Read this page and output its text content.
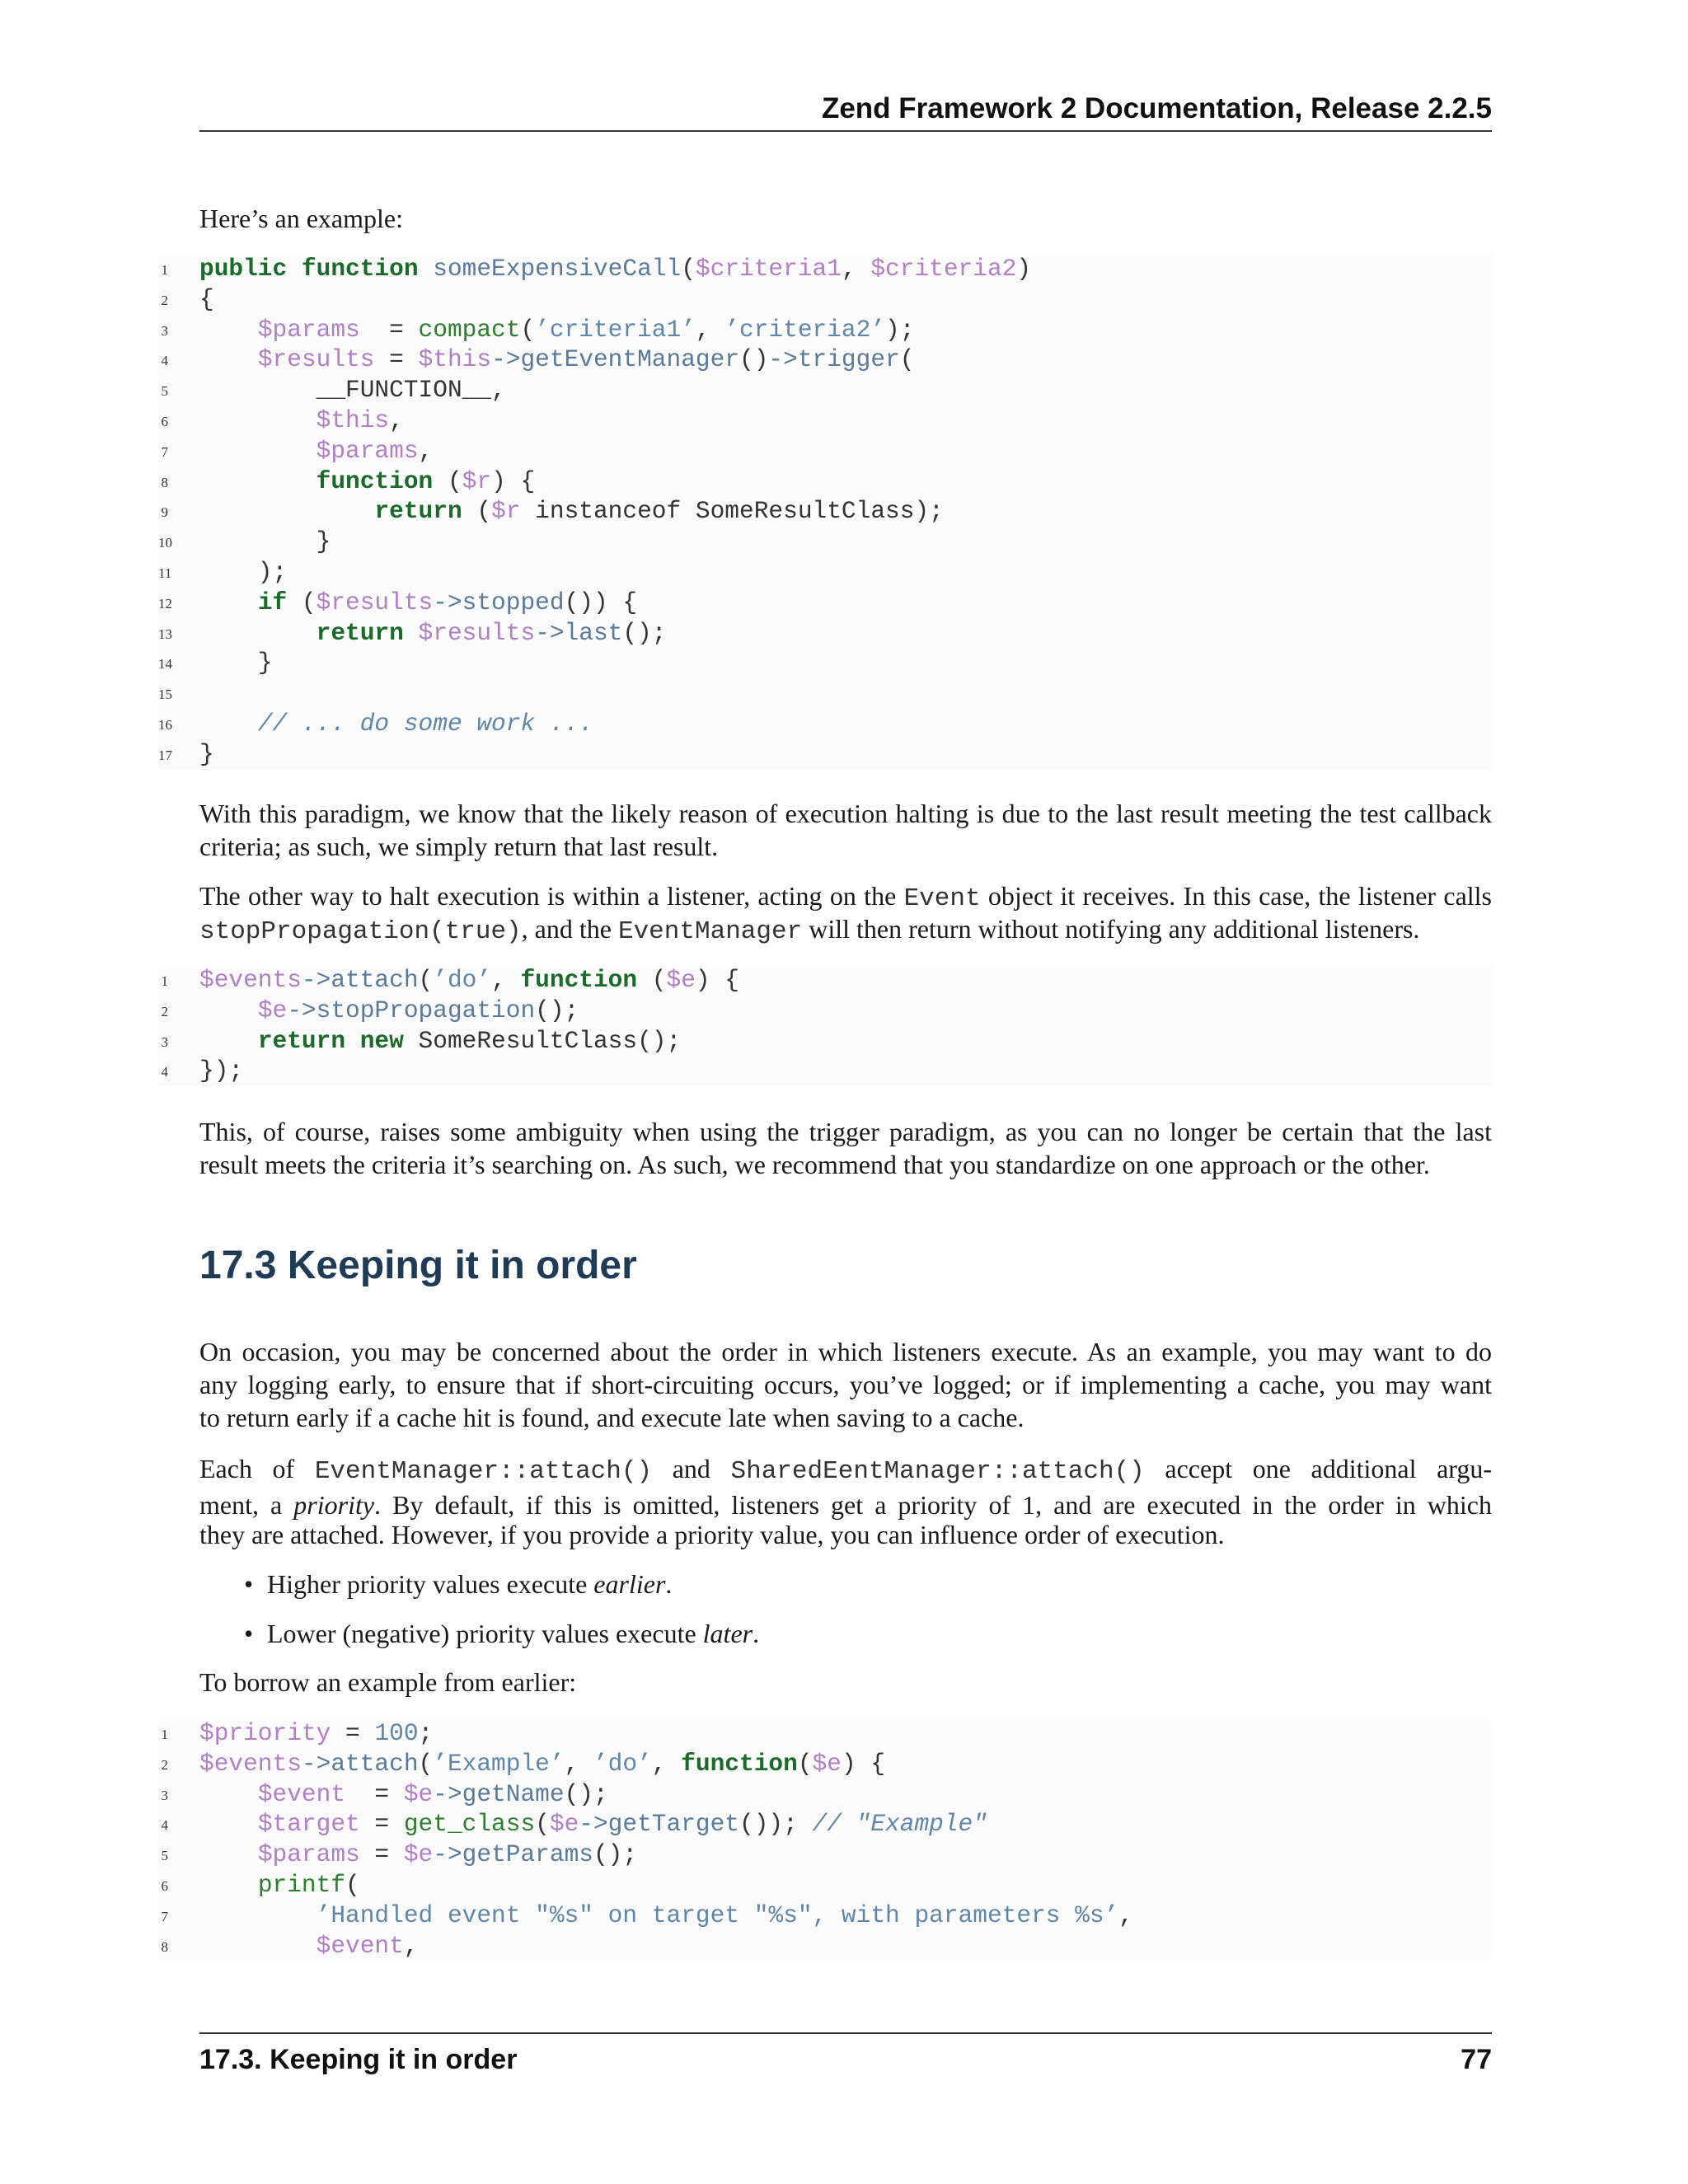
Zend Framework 2 Documentation, Release 2.2.5
Here’s an example:
1 public function someExpensiveCall($criteria1, $criteria2)
2 {
3	$params  = compact(’criteria1’, ’criteria2’);
4	$results = $this->getEventManager()->trigger(
5 __FUNCTION__,
6	$this,
7	$params,
8	function ($r) {
9	return ($r instanceof SomeResultClass);
10 }
11 );
12	if ($results->stopped()) {
13	return $results->last();
14 }
15
16	// ... do some work ...
17 }
With this paradigm, we know that the likely reason of execution halting is due to the last result meeting the test callback
criteria; as such, we simply return that last result.
The other way to halt execution is within a listener, acting on the Event object it receives. In this case, the listener calls
stopPropagation(true), and the EventManager will then return without notifying any additional listeners.
1 $events->attach(’do’, function ($e) {
2	$e->stopPropagation();
3	return new SomeResultClass();
4 });
This, of course, raises some ambiguity when using the trigger paradigm, as you can no longer be certain that the last
result meets the criteria it’s searching on. As such, we recommend that you standardize on one approach or the other.
17.3 Keeping it in order
On occasion, you may be concerned about the order in which listeners execute. As an example, you may want to do
any logging early, to ensure that if short-circuiting occurs, you’ve logged; or if implementing a cache, you may want
to return early if a cache hit is found, and execute late when saving to a cache.
Each of EventManager::attach() and SharedEentManager::attach() accept one additional argu-
ment, a priority. By default, if this is omitted, listeners get a priority of 1, and are executed in the order in which
they are attached. However, if you provide a priority value, you can influence order of execution.
• Higher priority values execute earlier.
• Lower (negative) priority values execute later.
To borrow an example from earlier:
1 $priority = 100;
2 $events->attach(’Example’, ’do’, function($e) {
3	$event  = $e->getName();
4	$target = get_class($e->getTarget()); // "Example"
5	$params = $e->getParams();
6	printf(
7	’Handled event "%s" on target "%s", with parameters %s’,
8	$event,
17.3. Keeping it in order	77
